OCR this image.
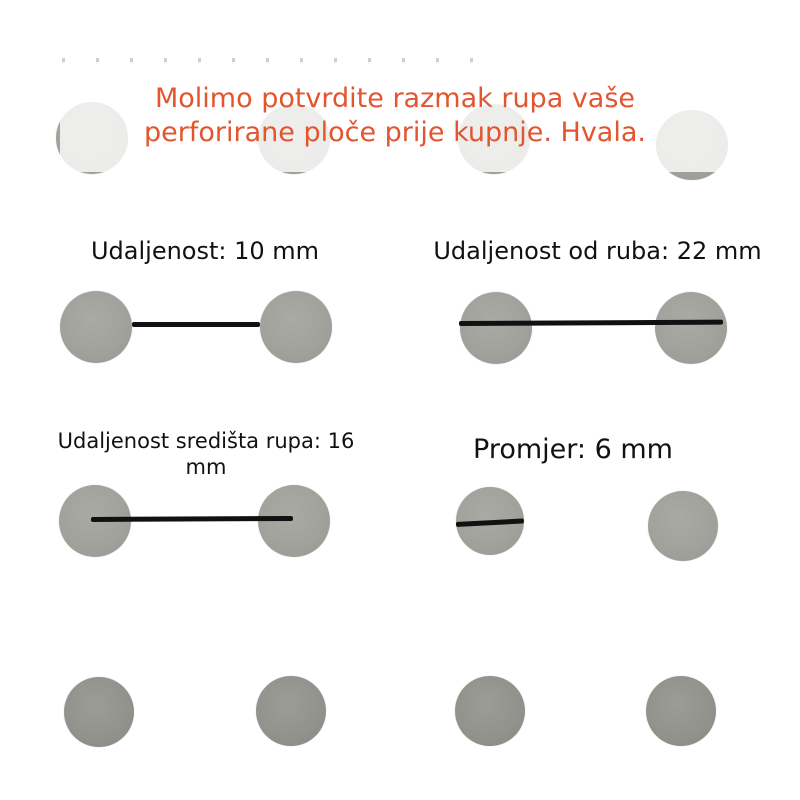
Molimo potvrdite razmak rupa vaše
perforirane ploče prije kupnje. Hvala.
Udaljenost: 10 mm	Udaljenost od ruba: 22 mm
Udaljenost središta rupa: 16
mm
Promjer: 6 mm
